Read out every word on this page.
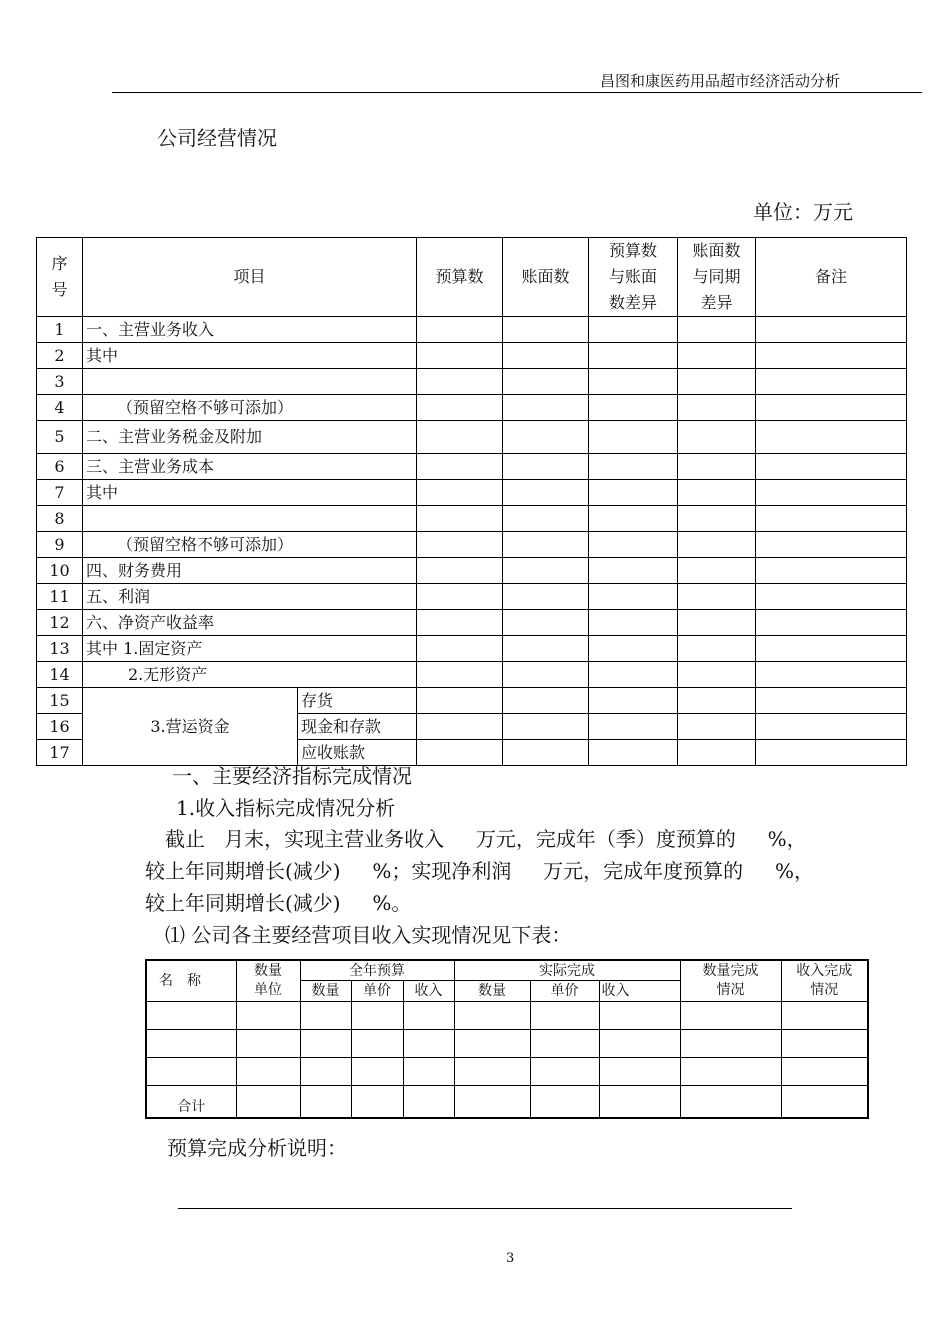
昌图和康医药用品超市经济活动分析
公司经营情况
单位：万元
序号	项目		预算数	账面数	预算数与账面数差异	账面数与同期差异	备注
1	一、主营业务收入						
2	其中						
3							
4	（预留空格不够可添加）						
5	二、主营业务税金及附加						
6	三、主营业务成本						
7	其中						
8							
9	（预留空格不够可添加）						
10	四、财务费用						
11	五、利润						
12	六、净资产收益率						
13	其中 1.固定资产						
14	2.无形资产						
15	3.营运资金	存货					
16		现金和存款					
17		应收账款					
一、主要经济指标完成情况
1.收入指标完成情况分析
截止   月末，实现主营业务收入     万元，完成年（季）度预算的     %，
较上年同期增长(减少)     %；实现净利润     万元，完成年度预算的     %，
较上年同期增长(减少)     %。
⑴ 公司各主要经营项目收入实现情况见下表：
名　称	数量单位	全年预算			实际完成			数量完成情况	收入完成情况
		数量	单价	收入	数量	单价	收入		

合计									
预算完成分析说明：
3
